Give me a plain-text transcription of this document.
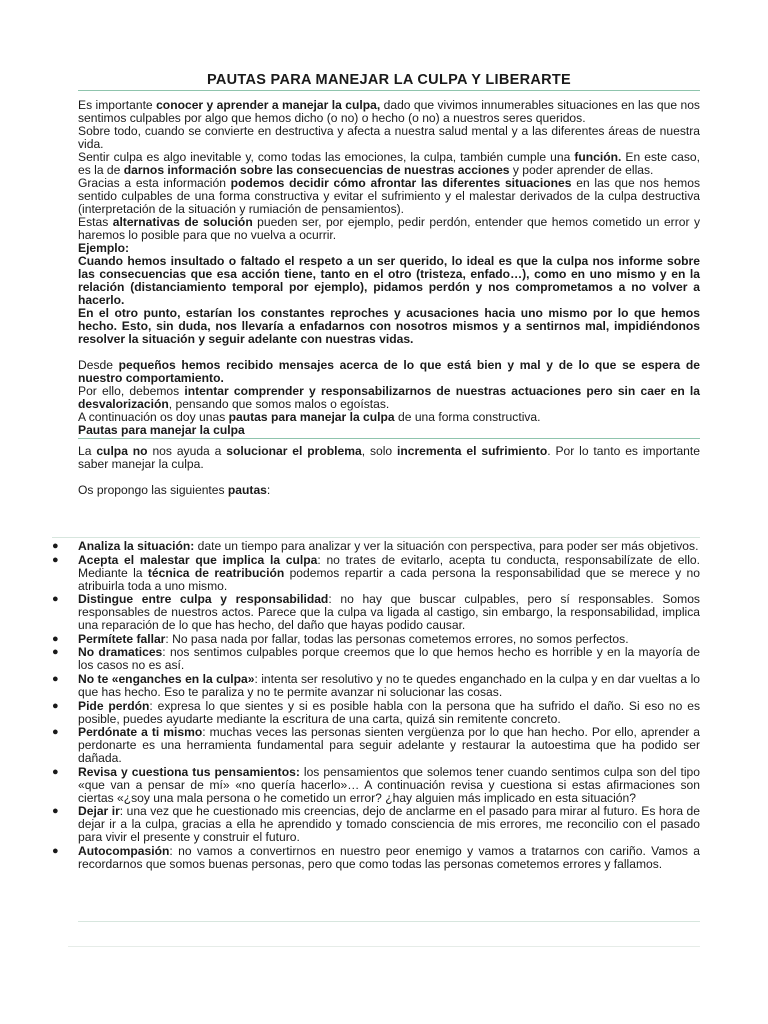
PAUTAS PARA MANEJAR LA CULPA Y LIBERARTE

Es importante conocer y aprender a manejar la culpa, dado que vivimos innumerables situaciones en las que nos sentimos culpables por algo que hemos dicho (o no) o hecho (o no) a nuestros seres queridos.

Sobre todo, cuando se convierte en destructiva y afecta a nuestra salud mental y a las diferentes áreas de nuestra vida.

Sentir culpa es algo inevitable y, como todas las emociones, la culpa, también cumple una función. En este caso, es la de darnos información sobre las consecuencias de nuestras acciones y poder aprender de ellas.

Gracias a esta información podemos decidir cómo afrontar las diferentes situaciones en las que nos hemos sentido culpables de una forma constructiva y evitar el sufrimiento y el malestar derivados de la culpa destructiva (interpretación de la situación y rumiación de pensamientos).

Estas alternativas de solución pueden ser, por ejemplo, pedir perdón, entender que hemos cometido un error y haremos lo posible para que no vuelva a ocurrir.

Ejemplo:

Cuando hemos insultado o faltado el respeto a un ser querido, lo ideal es que la culpa nos informe sobre las consecuencias que esa acción tiene, tanto en el otro (tristeza, enfado…), como en uno mismo y en la relación (distanciamiento temporal por ejemplo), pidamos perdón y nos comprometamos a no volver a hacerlo.

En el otro punto, estarían los constantes reproches y acusaciones hacia uno mismo por lo que hemos hecho. Esto, sin duda, nos llevaría a enfadarnos con nosotros mismos y a sentirnos mal, impidiéndonos resolver la situación y seguir adelante con nuestras vidas.

Desde pequeños hemos recibido mensajes acerca de lo que está bien y mal y de lo que se espera de nuestro comportamiento.

Por ello, debemos intentar comprender y responsabilizarnos de nuestras actuaciones pero sin caer en la desvalorización, pensando que somos malos o egoístas.

A continuación os doy unas pautas para manejar la culpa de una forma constructiva.

Pautas para manejar la culpa

La culpa no nos ayuda a solucionar el problema, solo incrementa el sufrimiento. Por lo tanto es importante saber manejar la culpa.

Os propongo las siguientes pautas:

● Analiza la situación: date un tiempo para analizar y ver la situación con perspectiva, para poder ser más objetivos.

● Acepta el malestar que implica la culpa: no trates de evitarlo, acepta tu conducta, responsabilízate de ello. Mediante la técnica de reatribución podemos repartir a cada persona la responsabilidad que se merece y no atribuirla toda a uno mismo.

● Distingue entre culpa y responsabilidad: no hay que buscar culpables, pero sí responsables. Somos responsables de nuestros actos. Parece que la culpa va ligada al castigo, sin embargo, la responsabilidad, implica una reparación de lo que has hecho, del daño que hayas podido causar.

● Permítete fallar: No pasa nada por fallar, todas las personas cometemos errores, no somos perfectos.

● No dramatices: nos sentimos culpables porque creemos que lo que hemos hecho es horrible y en la mayoría de los casos no es así.

● No te «enganches en la culpa»: intenta ser resolutivo y no te quedes enganchado en la culpa y en dar vueltas a lo que has hecho. Eso te paraliza y no te permite avanzar ni solucionar las cosas.

● Pide perdón: expresa lo que sientes y si es posible habla con la persona que ha sufrido el daño. Si eso no es posible, puedes ayudarte mediante la escritura de una carta, quizá sin remitente concreto.

● Perdónate a ti mismo: muchas veces las personas sienten vergüenza por lo que han hecho. Por ello, aprender a perdonarte es una herramienta fundamental para seguir adelante y restaurar la autoestima que ha podido ser dañada.

● Revisa y cuestiona tus pensamientos: los pensamientos que solemos tener cuando sentimos culpa son del tipo «que van a pensar de mí» «no quería hacerlo»… A continuación revisa y cuestiona si estas afirmaciones son ciertas «¿soy una mala persona o he cometido un error? ¿hay alguien más implicado en esta situación?

● Dejar ir: una vez que he cuestionado mis creencias, dejo de anclarme en el pasado para mirar al futuro. Es hora de dejar ir a la culpa, gracias a ella he aprendido y tomado consciencia de mis errores, me reconcilio con el pasado para vivir el presente y construir el futuro.

● Autocompasión: no vamos a convertirnos en nuestro peor enemigo y vamos a tratarnos con cariño. Vamos a recordarnos que somos buenas personas, pero que como todas las personas cometemos errores y fallamos.
